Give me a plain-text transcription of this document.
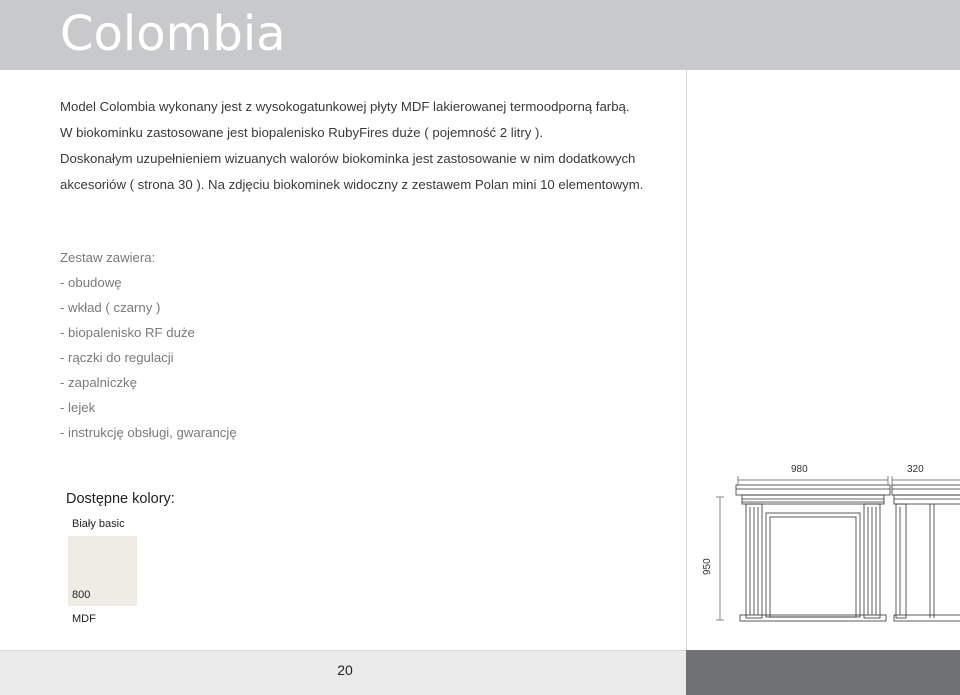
Colombia
Model Colombia wykonany jest z wysokogatunkowej płyty MDF lakierowanej termoodporną farbą.
W biokominku zastosowane jest biopalenisko RubyFires duże ( pojemność 2 litry ).
Doskonałym uzupełnieniem wizuanych walorów biokominka jest zastosowanie w nim dodatkowych
akcesoriów ( strona 30 ). Na zdjęciu biokominek widoczny z zestawem Polan mini 10 elementowym.
Zestaw zawiera:
- obudowę
- wkład ( czarny )
- biopalenisko RF duże
- rączki do regulacji
- zapalniczkę
- lejek
- instrukcję obsługi, gwarancję
Dostępne kolory:
Biały basic
800
MDF
980	320
950
20
